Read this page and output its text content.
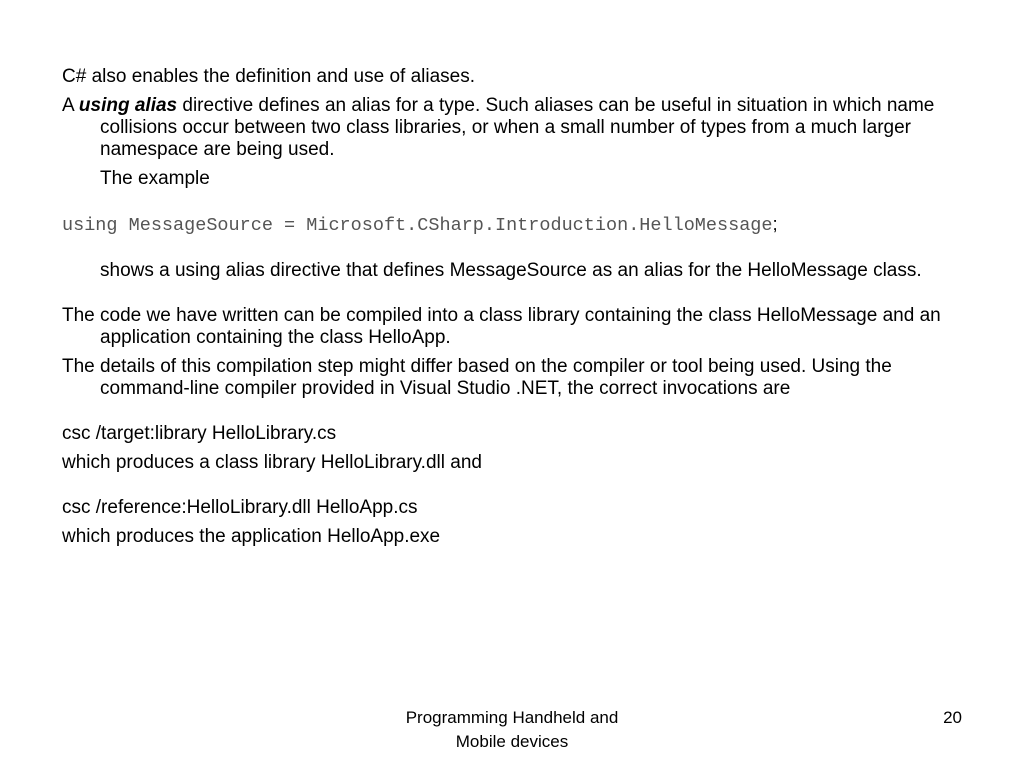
C# also enables the definition and use of aliases.

A using alias directive defines an alias for a type. Such aliases can be useful in situation in which name collisions occur between two class libraries, or when a small number of types from a much larger namespace are being used.

The example

using MessageSource = Microsoft.CSharp.Introduction.HelloMessage;

shows a using alias directive that defines MessageSource as an alias for the HelloMessage class.

The code we have written can be compiled into a class library containing the class HelloMessage and an application containing the class HelloApp.

The details of this compilation step might differ based on the compiler or tool being used. Using the command-line compiler provided in Visual Studio .NET, the correct invocations are

csc /target:library HelloLibrary.cs

which produces a class library HelloLibrary.dll and

csc /reference:HelloLibrary.dll HelloApp.cs

which produces the application HelloApp.exe

Programming Handheld and
Mobile devices
20
